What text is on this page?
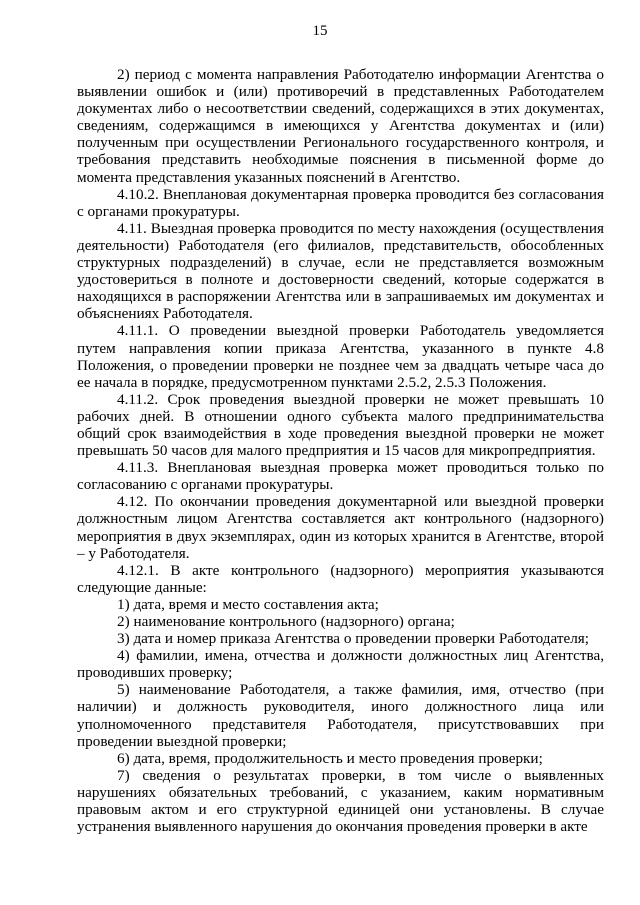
15

2) период с момента направления Работодателю информации Агентства о выявлении ошибок и (или) противоречий в представленных Работодателем документах либо о несоответствии сведений, содержащихся в этих документах, сведениям, содержащимся в имеющихся у Агентства документах и (или) полученным при осуществлении Регионального государственного контроля, и требования представить необходимые пояснения в письменной форме до момента представления указанных пояснений в Агентство.

4.10.2. Внеплановая документарная проверка проводится без согласования с органами прокуратуры.

4.11. Выездная проверка проводится по месту нахождения (осуществления деятельности) Работодателя (его филиалов, представительств, обособленных структурных подразделений) в случае, если не представляется возможным удостовериться в полноте и достоверности сведений, которые содержатся в находящихся в распоряжении Агентства или в запрашиваемых им документах и объяснениях Работодателя.

4.11.1. О проведении выездной проверки Работодатель уведомляется путем направления копии приказа Агентства, указанного в пункте 4.8 Положения, о проведении проверки не позднее чем за двадцать четыре часа до ее начала в порядке, предусмотренном пунктами 2.5.2, 2.5.3 Положения.

4.11.2. Срок проведения выездной проверки не может превышать 10 рабочих дней. В отношении одного субъекта малого предпринимательства общий срок взаимодействия в ходе проведения выездной проверки не может превышать 50 часов для малого предприятия и 15 часов для микропредприятия.

4.11.3. Внеплановая выездная проверка может проводиться только по согласованию с органами прокуратуры.

4.12. По окончании проведения документарной или выездной проверки должностным лицом Агентства составляется акт контрольного (надзорного) мероприятия в двух экземплярах, один из которых хранится в Агентстве, второй – у Работодателя.

4.12.1. В акте контрольного (надзорного) мероприятия указываются следующие данные:

1) дата, время и место составления акта;

2) наименование контрольного (надзорного) органа;

3) дата и номер приказа Агентства о проведении проверки Работодателя;

4) фамилии, имена, отчества и должности должностных лиц Агентства, проводивших проверку;

5) наименование Работодателя, а также фамилия, имя, отчество (при наличии) и должность руководителя, иного должностного лица или уполномоченного представителя Работодателя, присутствовавших при проведении выездной проверки;

6) дата, время, продолжительность и место проведения проверки;

7) сведения о результатах проверки, в том числе о выявленных нарушениях обязательных требований, с указанием, каким нормативным правовым актом и его структурной единицей они установлены. В случае устранения выявленного нарушения до окончания проведения проверки в акте
